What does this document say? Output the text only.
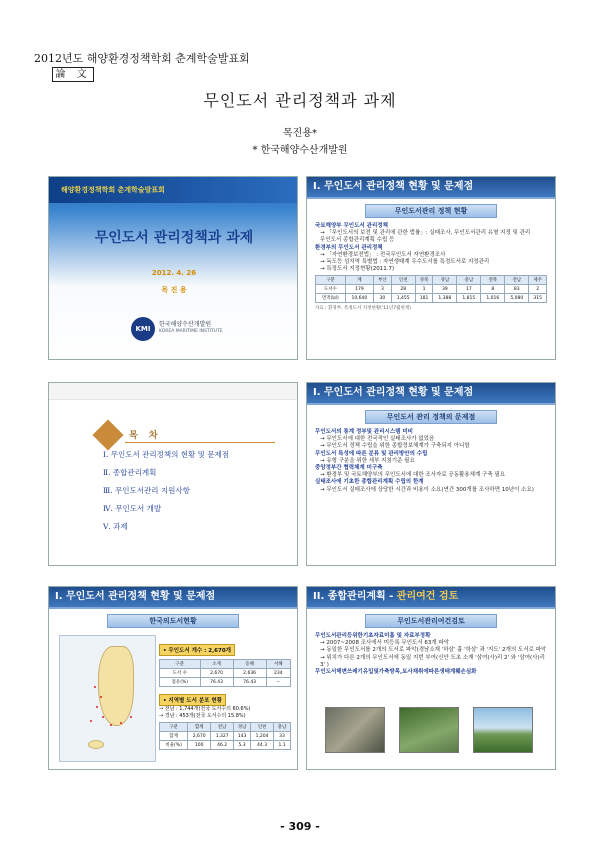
2012년도 해양환경정책학회 춘계학술발표회
論 文
무인도서 관리정책과 과제
목진용*
* 한국해양수산개발원
해양환경정책학회 춘계학술발표회
무인도서 관리정책과 과제
2012. 4. 26
목 진 용
KMI
한국해양수산개발원
KOREA MARITIME INSTITUTE
I. 무인도서 관리정책 현황 및 문제점
무인도서관리 정책 현황
국토해양부 무인도서 관리정책
→ 「무인도서의 보전 및 관리에 관한 법률」: 실태조사, 무인도서관리 유형 지정 및 관리
무인도서 종합관리계획 수립 등
환경부의 무인도서 관리정책
→ 「자연환경보전법」 : 전국무인도서 자연환경조사
→ 독도등 섬지역 특별법 : 자연생태계 우수도서를 특정도서로 지정관리
→ 특정도서 지정현황(2011.7)
구분	계	부산	인천	경북	경남	충남	전북	전남	제주
도서수	179	3	28	1	39	17	8	83	2
면적(㎢)	10,640	30	1,455	181	1,388	1,815	1,016	5,080	315
자료 : 환경부, 특정도서 지정현황('11년7월현재)
목 차
Ⅰ. 무인도서 관리정책의 현황 및 문제점
Ⅱ. 종합관리계획
Ⅲ. 무인도서관리 지원사항
Ⅳ. 무인도서 개발
Ⅴ. 과제
I. 무인도서 관리정책 현황 및 문제점
무인도서 관리 정책의 문제점
무인도서의 통계 정부및 관리시스템 미비
→ 무인도서에 대한 전국적인 실태조사가 없었음
→ 무인도서 정책 수립을 위한 종합정보체계가 구축되지 아니함
무인도서 특성에 따른 분류 및 관리방안의 수립
→ 유형 구분을 위한 세부 지침기준 필요
중앙정부간 협력체계 미구축
→ 환경부 및 국토해양부의 무인도서에 대한 조사자료 공동활용체계 구축 필요
실태조사에 기초한 종합관리계획 수립의 한계
→ 무인도서 실태조사에 상당한 시간과 비용이 소요(연간 300개를 조사하면 10년이 소요)
I. 무인도서 관리정책 현황 및 문제점
한국의도서현황
• 무인도서 개수 : 2,670개
구분	소계	동해	서해
도서 수	2,670	2,636	234
점유(%)	76.43	76.43	--
• 지역별 도서 분포 현황
→ 전남 : 1,744개(전국 도서수의 60.6%)
→ 경남 : 453개(전국 도서수의 15.8%)
구분	합계	전남	경남	인천	충남
합계	2,670	1,327	143	1,204	33
비율(%)	100	46.2	5.3	44.3	1.1
II. 종합관리계획 - 관리여건 검토
무인도서관리여건검토
무인도서관리등위한기초자료미흡 및 자료부정확
→ 2007~2008 조사에서 미등록 무인도서 63개 파악
→ 동일한 무인도서를 2개의 도서로 파악(경남소재 '하삼' 흉 '하삼' 과 '지도' 2개의 도서로 파악
→ 위치가 다른 2개의 무인도서에 동일 지번 부여(신안 도초 소재 '삼여(사)리 2' 와 '삼여(사)리 3' )
무인도서해변쓰레기유입및가축방목,토사채취에따른생태계훼손심화
- 309 -
